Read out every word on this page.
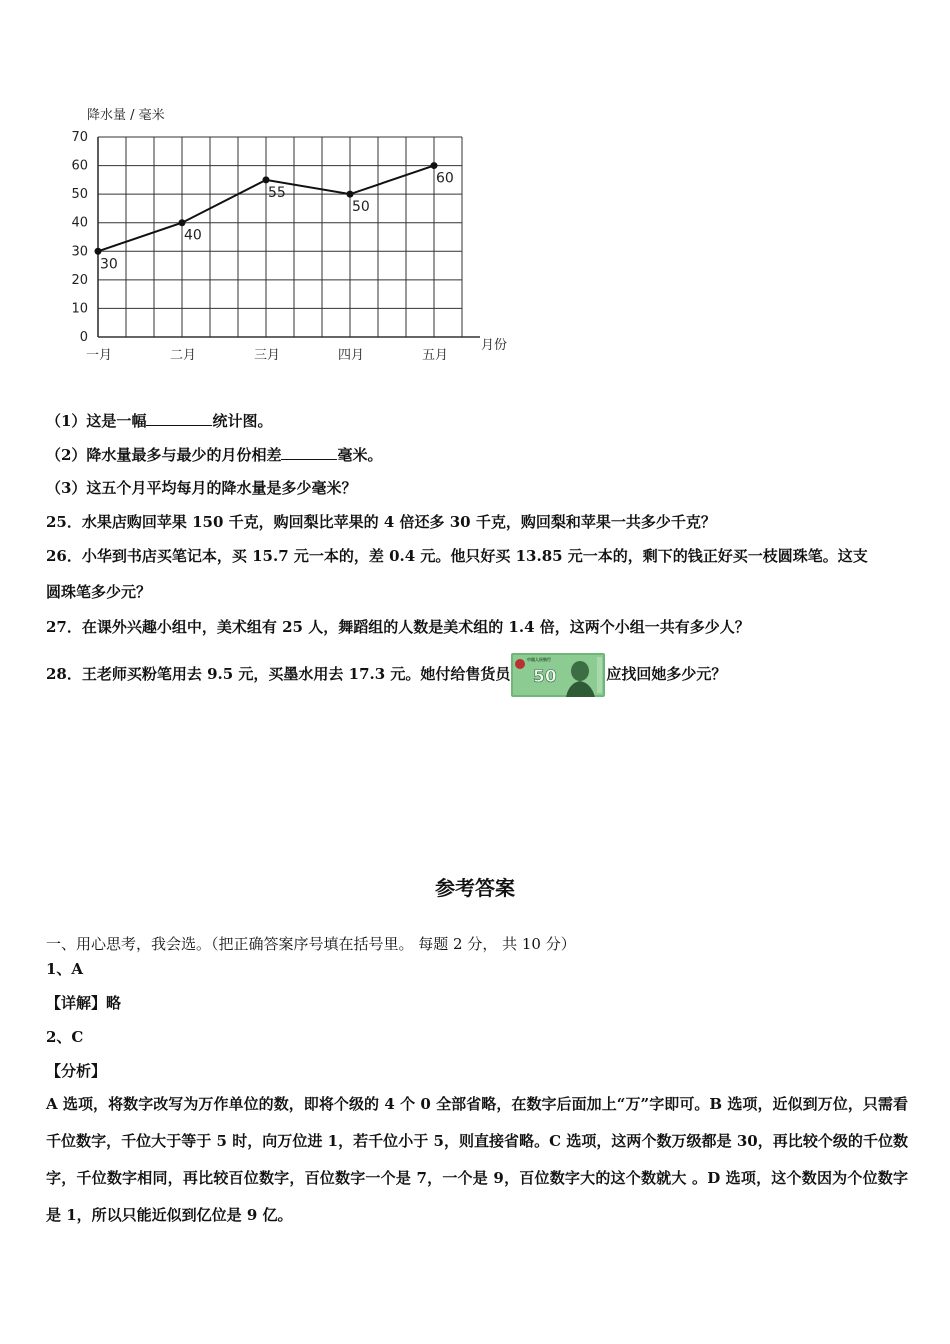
降水量 / 毫米
0
10
20
30
40
50
60
70
一月	二月	三月	四月	五月
月份
30
40
55
50
60
（1）这是一幅	统计图。
（2）降水量最多与最少的月份相差	毫米。
（3）这五个月平均每月的降水量是多少毫米？
25．水果店购回苹果 150 千克，购回梨比苹果的 4 倍还多 30 千克，购回梨和苹果一共多少千克？
26．小华到书店买笔记本，买 15.7 元一本的，差 0.4 元。他只好买 13.85 元一本的，剩下的钱正好买一枝圆珠笔。这支
圆珠笔多少元？
27．在课外兴趣小组中，美术组有 25 人，舞蹈组的人数是美术组的 1.4 倍，这两个小组一共有多少人？
28．王老师买粉笔用去 9.5 元，买墨水用去 17.3 元。她付给售货员
中国人民银行
50	应找回她多少元？
参考答案
一、用心思考，我会选。（把正确答案序号填在括号里。 每题 2 分， 共 10 分）
1、A
【详解】略
2、C
【分析】
A 选项，将数字改写为万作单位的数，即将个级的 4 个 0 全部省略，在数字后面加上“万”字即可。B 选项，近似到万位，只需看千位数字，千位大于等于 5 时，向万位进 1，若千位小于 5，则直接省略。C 选项，这两个数万级都是 30，再比较个级的千位数字，千位数字相同，再比较百位数字，百位数字一个是 7，一个是 9，百位数字大的这个数就大 。D 选项，这个数因为个位数字是 1，所以只能近似到亿位是 9 亿。
